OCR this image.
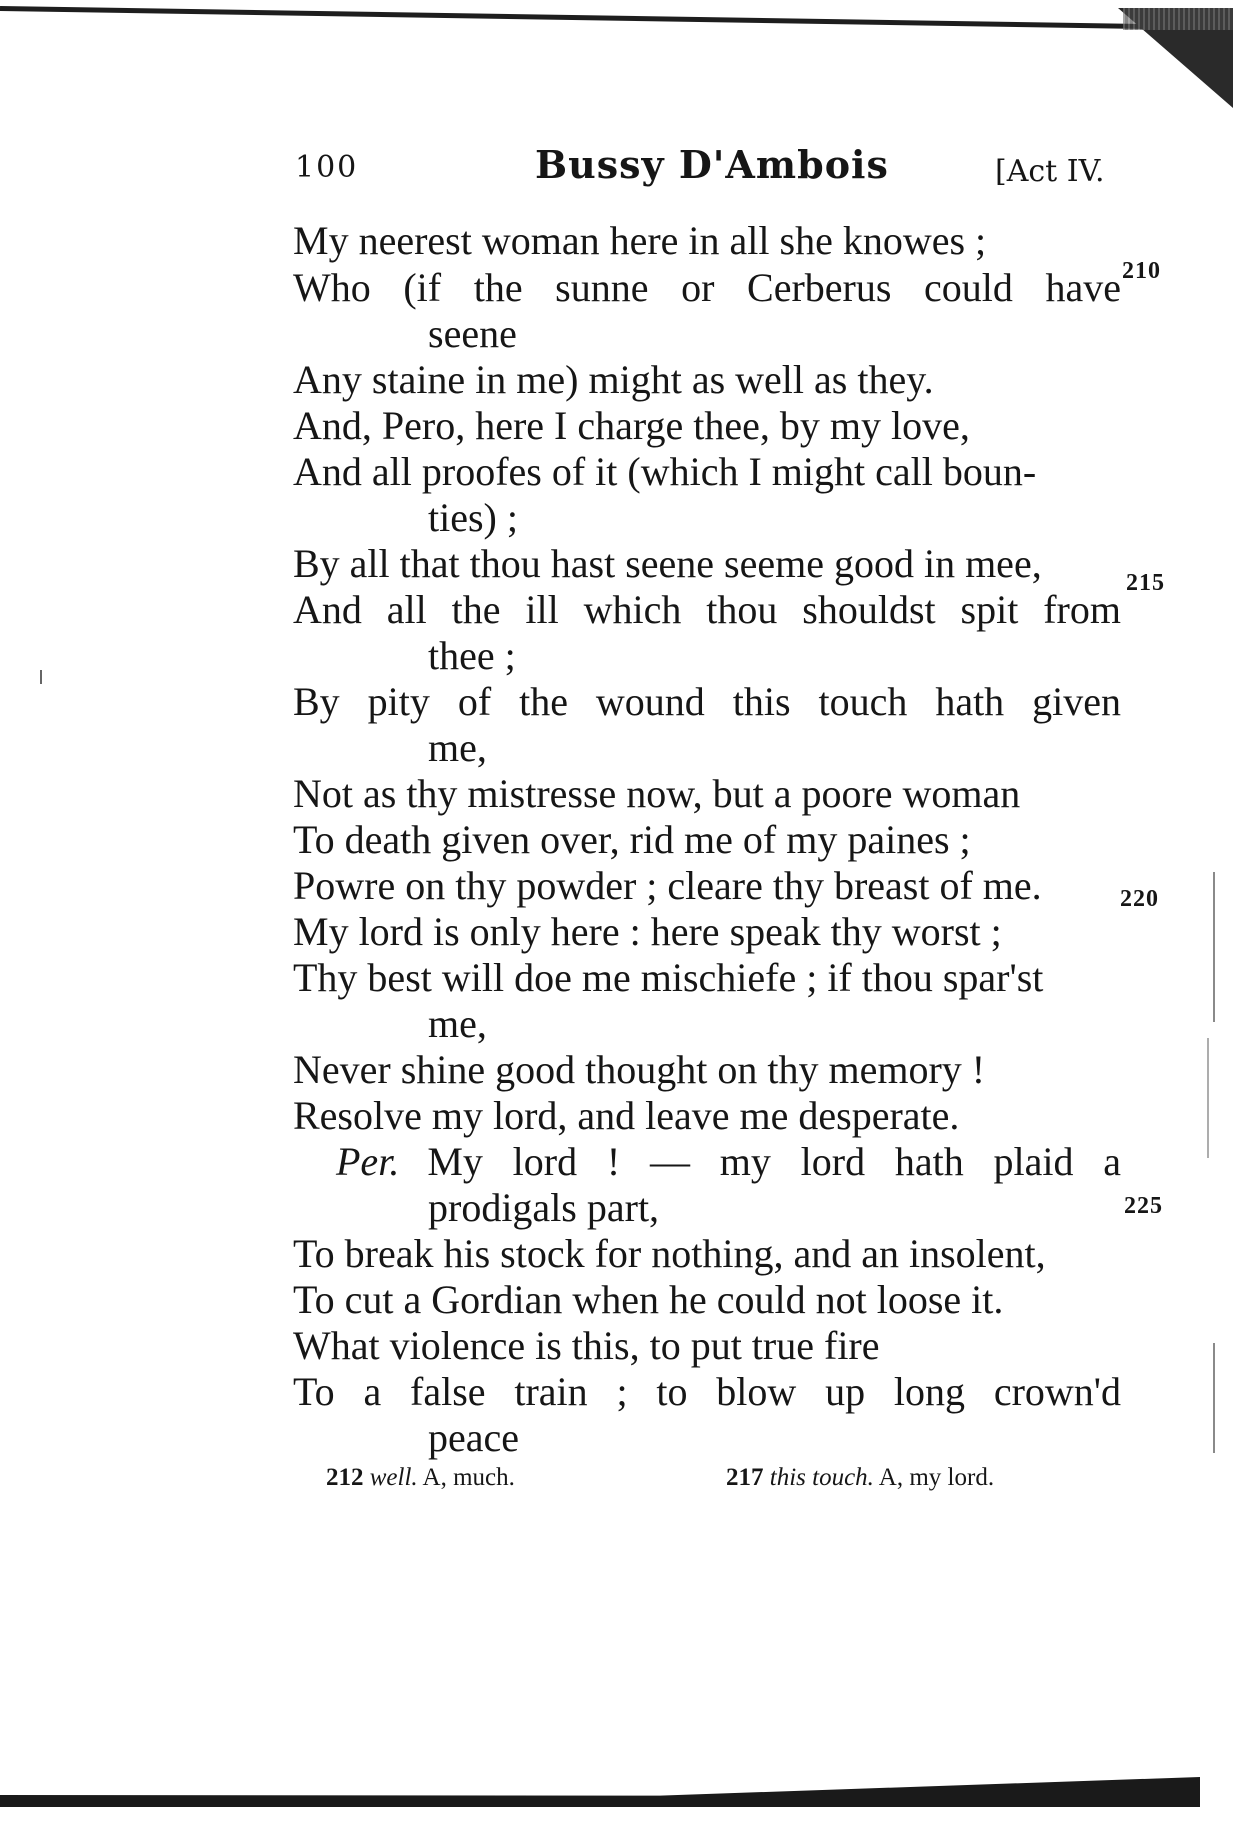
100	Bussy D'Ambois	[Act IV.

My neerest woman here in all she knowes ;

Who (if the sunne or Cerberus could have

seene

Any staine in me) might as well as they.

And, Pero, here I charge thee, by my love,

And all proofes of it (which I might call boun-

ties) ;

By all that thou hast seene seeme good in mee,

And all the ill which thou shouldst spit from

thee ;

By pity of the wound this touch hath given

me,

Not as thy mistresse now, but a poore woman

To death given over, rid me of my paines ;

Powre on thy powder ; cleare thy breast of me.

My lord is only here : here speak thy worst ;

Thy best will doe me mischiefe ; if thou spar'st

me,

Never shine good thought on thy memory !

Resolve my lord, and leave me desperate.

Per. My lord ! — my lord hath plaid a

prodigals part,

To break his stock for nothing, and an insolent,

To cut a Gordian when he could not loose it.

What violence is this, to put true fire

To a false train ; to blow up long crown'd

peace

210
215
220
225
212 well. A, much.	217 this touch. A, my lord.
